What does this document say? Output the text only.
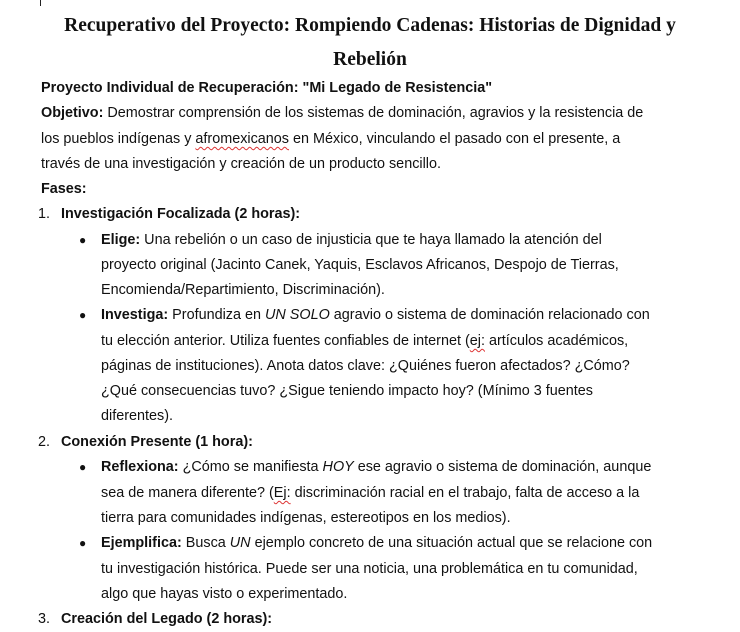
Recuperativo del Proyecto: Rompiendo Cadenas: Historias de Dignidad y
Rebelión
Proyecto Individual de Recuperación: "Mi Legado de Resistencia"
Objetivo: Demostrar comprensión de los sistemas de dominación, agravios y la resistencia de
los pueblos indígenas y afromexicanos en México, vinculando el pasado con el presente, a
través de una investigación y creación de un producto sencillo.
Fases:
1. Investigación Focalizada (2 horas):
● Elige: Una rebelión o un caso de injusticia que te haya llamado la atención del
proyecto original (Jacinto Canek, Yaquis, Esclavos Africanos, Despojo de Tierras,
Encomienda/Repartimiento, Discriminación).
● Investiga: Profundiza en UN SOLO agravio o sistema de dominación relacionado con
tu elección anterior. Utiliza fuentes confiables de internet (ej: artículos académicos,
páginas de instituciones). Anota datos clave: ¿Quiénes fueron afectados? ¿Cómo?
¿Qué consecuencias tuvo? ¿Sigue teniendo impacto hoy? (Mínimo 3 fuentes
diferentes).
2. Conexión Presente (1 hora):
● Reflexiona: ¿Cómo se manifiesta HOY ese agravio o sistema de dominación, aunque
sea de manera diferente? (Ej: discriminación racial en el trabajo, falta de acceso a la
tierra para comunidades indígenas, estereotipos en los medios).
● Ejemplifica: Busca UN ejemplo concreto de una situación actual que se relacione con
tu investigación histórica. Puede ser una noticia, una problemática en tu comunidad,
algo que hayas visto o experimentado.
3. Creación del Legado (2 horas):
